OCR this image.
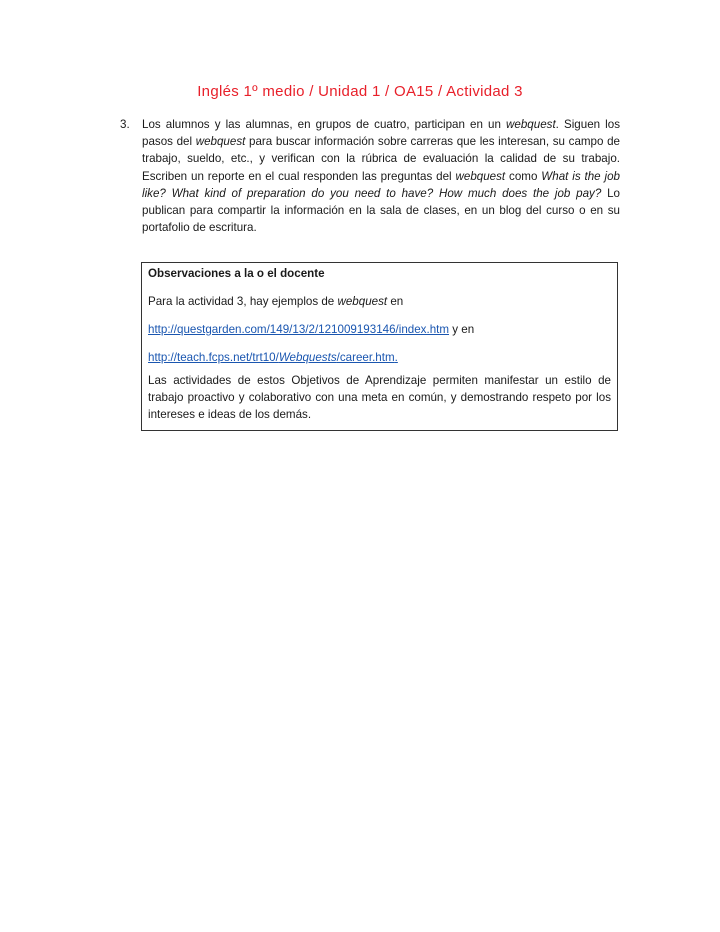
Inglés 1º medio / Unidad 1 / OA15 / Actividad 3
3. Los alumnos y las alumnas, en grupos de cuatro, participan en un webquest. Siguen los pasos del webquest para buscar información sobre carreras que les interesan, su campo de trabajo, sueldo, etc., y verifican con la rúbrica de evaluación la calidad de su trabajo. Escriben un reporte en el cual responden las preguntas del webquest como What is the job like? What kind of preparation do you need to have? How much does the job pay? Lo publican para compartir la información en la sala de clases, en un blog del curso o en su portafolio de escritura.

Observaciones a la o el docente

Para la actividad 3, hay ejemplos de webquest en

http://questgarden.com/149/13/2/121009193146/index.htm y en

http://teach.fcps.net/trt10/Webquests/career.htm.

Las actividades de estos Objetivos de Aprendizaje permiten manifestar un estilo de trabajo proactivo y colaborativo con una meta en común, y demostrando respeto por los intereses e ideas de los demás.
